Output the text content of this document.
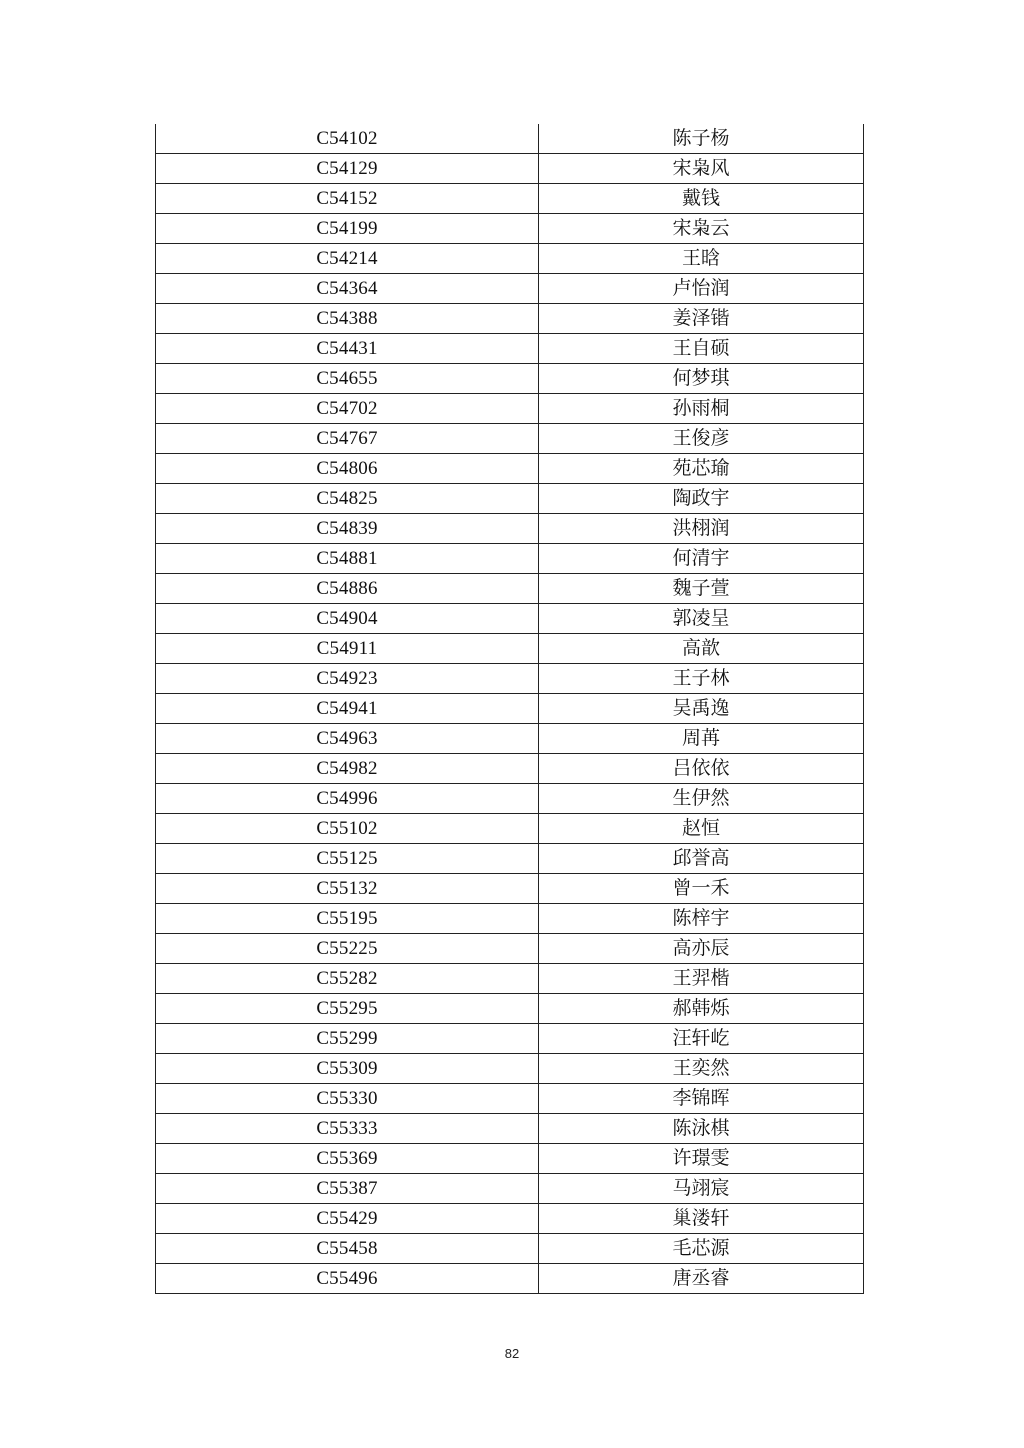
C54102	陈子杨
C54129	宋枭风
C54152	戴钱
C54199	宋枭云
C54214	王晗
C54364	卢怡润
C54388	姜泽锴
C54431	王自硕
C54655	何梦琪
C54702	孙雨桐
C54767	王俊彦
C54806	苑芯瑜
C54825	陶政宇
C54839	洪栩润
C54881	何清宇
C54886	魏子萱
C54904	郭凌呈
C54911	高歆
C54923	王子林
C54941	吴禹逸
C54963	周苒
C54982	吕依依
C54996	生伊然
C55102	赵恒
C55125	邱誉高
C55132	曾一禾
C55195	陈梓宇
C55225	高亦辰
C55282	王羿楷
C55295	郝韩烁
C55299	汪轩屹
C55309	王奕然
C55330	李锦晖
C55333	陈泳棋
C55369	许璟雯
C55387	马翊宸
C55429	巢溇轩
C55458	毛芯源
C55496	唐丞睿
82
